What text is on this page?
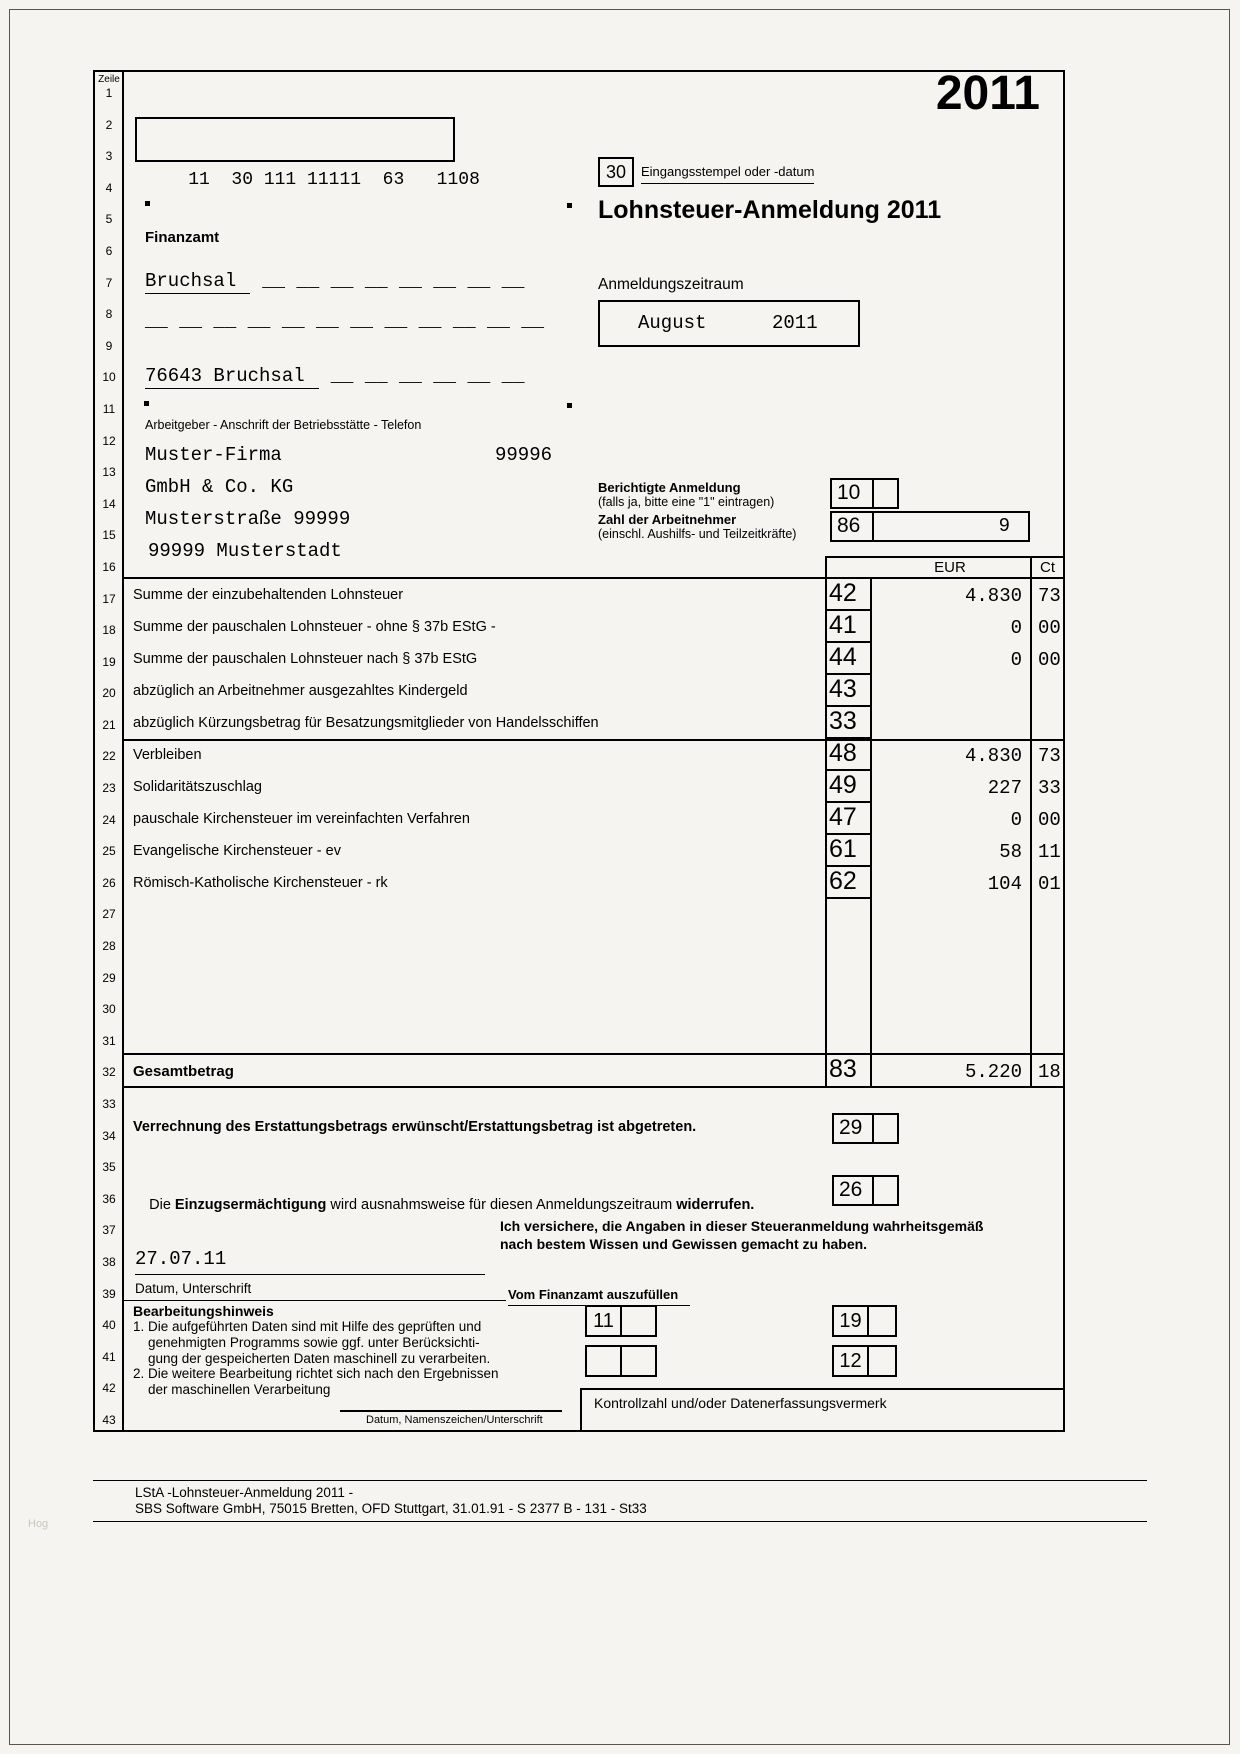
2011
Zeile
1
2
3
4
5
6
7
8
9
10
11
12
13
14
15
16
17
18
19
20
21
22
23
24
25
26
27
28
29
30
31
32
33
34
35
36
37
38
39
40
41
42
43

11  30 111 11111  63   1108
	30	Eingangsstempel oder -datum
Lohnsteuer-Anmeldung 2011
Finanzamt
Bruchsal __ __ __ __ __ __ __ __
__ __ __ __ __ __ __ __ __ __ __ __
76643 Bruchsal __ __ __ __ __ __
Anmeldungszeitraum
August	2011
Arbeitgeber - Anschrift der Betriebsstätte - Telefon
Muster-Firma	99996
GmbH & Co. KG
Musterstraße 99999
99999 Musterstadt
Berichtigte Anmeldung
(falls ja, bitte eine "1" eintragen)	10
Zahl der Arbeitnehmer
(einschl. Aushilfs- und Teilzeitkräfte)	86	9
EUR	Ct
Summe der einzubehaltenden Lohnsteuer	42	4.830 73
Summe der pauschalen Lohnsteuer - ohne § 37b EStG -	41	0 00
Summe der pauschalen Lohnsteuer nach § 37b EStG	44	0 00
abzüglich an Arbeitnehmer ausgezahltes Kindergeld	43
abzüglich Kürzungsbetrag für Besatzungsmitglieder von Handelsschiffen	33
Verbleiben	48	4.830 73
Solidaritätszuschlag	49	227 33
pauschale Kirchensteuer im vereinfachten Verfahren	47	0 00
Evangelische Kirchensteuer - ev	61	58 11
Römisch-Katholische Kirchensteuer - rk	62	104 01
Gesamtbetrag	83	5.220 18
Verrechnung des Erstattungsbetrags erwünscht/Erstattungsbetrag ist abgetreten.	29

Die Einzugsermächtigung wird ausnahmsweise für diesen Anmeldungszeitraum widerrufen.

26
Ich versichere, die Angaben in dieser Steueranmeldung wahrheitsgemäß
nach bestem Wissen und Gewissen gemacht zu haben.
27.07.11
Datum, Unterschrift
Bearbeitungshinweis
1. Die aufgeführten Daten sind mit Hilfe des geprüften und
genehmigten Programms sowie ggf. unter Berücksichti-
gung der gespeicherten Daten maschinell zu verarbeiten.
2. Die weitere Bearbeitung richtet sich nach den Ergebnissen
der maschinellen Verarbeitung
Vom Finanzamt auszufüllen
11	19
12
Kontrollzahl und/oder Datenerfassungsvermerk
Datum, Namenszeichen/Unterschrift
LStA -Lohnsteuer-Anmeldung 2011 -
SBS Software GmbH, 75015 Bretten, OFD Stuttgart, 31.01.91 - S 2377 B - 131 - St33
Hog
